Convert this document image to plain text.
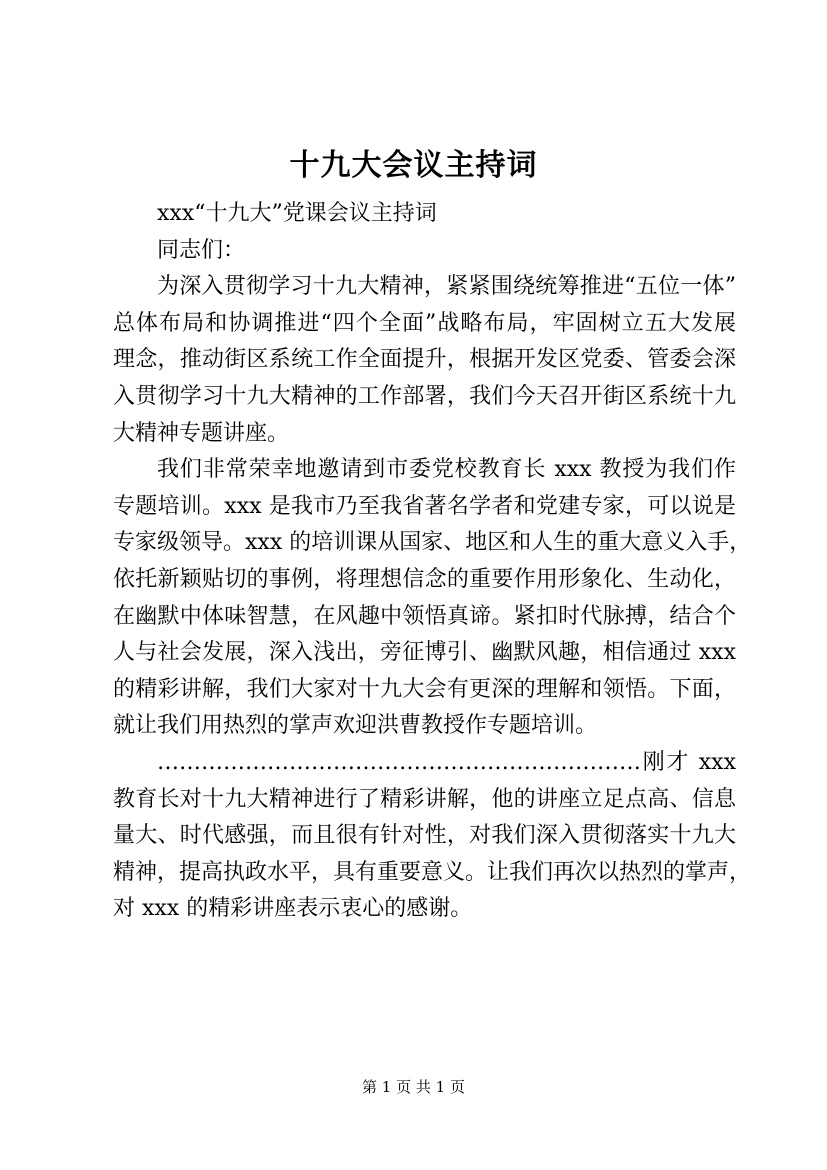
十九大会议主持词
xxx“十九大”党课会议主持词
同志们：
为深入贯彻学习十九大精神，紧紧围绕统筹推进“五位一体”
总体布局和协调推进“四个全面”战略布局，牢固树立五大发展
理念，推动街区系统工作全面提升，根据开发区党委、管委会深
入贯彻学习十九大精神的工作部署，我们今天召开街区系统十九
大精神专题讲座。
我们非常荣幸地邀请到市委党校教育长 xxx 教授为我们作
专题培训。xxx 是我市乃至我省著名学者和党建专家，可以说是
专家级领导。xxx 的培训课从国家、地区和人生的重大意义入手，
依托新颖贴切的事例，将理想信念的重要作用形象化、生动化，
在幽默中体味智慧，在风趣中领悟真谛。紧扣时代脉搏，结合个
人与社会发展，深入浅出，旁征博引、幽默风趣，相信通过 xxx
的精彩讲解，我们大家对十九大会有更深的理解和领悟。下面，
就让我们用热烈的掌声欢迎洪曹教授作专题培训。
…………………………………………………………刚才 xxx
教育长对十九大精神进行了精彩讲解，他的讲座立足点高、信息
量大、时代感强，而且很有针对性，对我们深入贯彻落实十九大
精神，提高执政水平，具有重要意义。让我们再次以热烈的掌声，
对 xxx 的精彩讲座表示衷心的感谢。
第 1 页 共 1 页
